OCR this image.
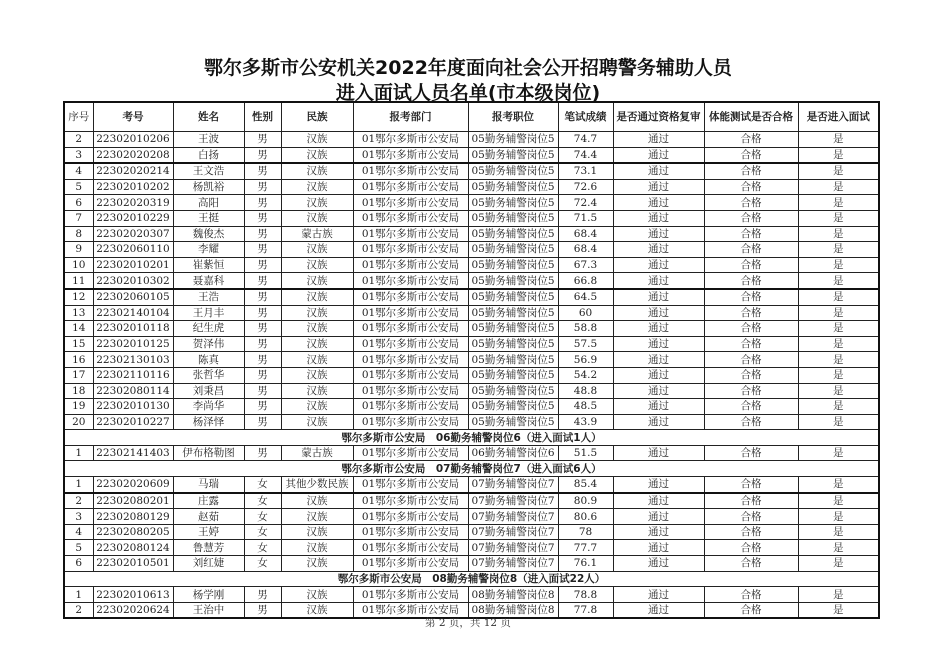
鄂尔多斯市公安机关2022年度面向社会公开招聘警务辅助人员
进入面试人员名单(市本级岗位)
序号	考号	姓名	性别	民族	报考部门	报考职位	笔试成绩	是否通过资格复审	体能测试是否合格	是否进入面试
2	22302010206	王波	男	汉族	01鄂尔多斯市公安局	05勤务辅警岗位5	74.7	通过	合格	是
3	22302020208	白扬	男	汉族	01鄂尔多斯市公安局	05勤务辅警岗位5	74.4	通过	合格	是
4	22302020214	王文浩	男	汉族	01鄂尔多斯市公安局	05勤务辅警岗位5	73.1	通过	合格	是
5	22302010202	杨凯裕	男	汉族	01鄂尔多斯市公安局	05勤务辅警岗位5	72.6	通过	合格	是
6	22302020319	高阳	男	汉族	01鄂尔多斯市公安局	05勤务辅警岗位5	72.4	通过	合格	是
7	22302010229	王挺	男	汉族	01鄂尔多斯市公安局	05勤务辅警岗位5	71.5	通过	合格	是
8	22302020307	魏俊杰	男	蒙古族	01鄂尔多斯市公安局	05勤务辅警岗位5	68.4	通过	合格	是
9	22302060110	李耀	男	汉族	01鄂尔多斯市公安局	05勤务辅警岗位5	68.4	通过	合格	是
10	22302010201	崔紫恒	男	汉族	01鄂尔多斯市公安局	05勤务辅警岗位5	67.3	通过	合格	是
11	22302010302	聂嘉科	男	汉族	01鄂尔多斯市公安局	05勤务辅警岗位5	66.8	通过	合格	是
12	22302060105	王浩	男	汉族	01鄂尔多斯市公安局	05勤务辅警岗位5	64.5	通过	合格	是
13	22302140104	王月丰	男	汉族	01鄂尔多斯市公安局	05勤务辅警岗位5	60	通过	合格	是
14	22302010118	纪生虎	男	汉族	01鄂尔多斯市公安局	05勤务辅警岗位5	58.8	通过	合格	是
15	22302010125	贺泽伟	男	汉族	01鄂尔多斯市公安局	05勤务辅警岗位5	57.5	通过	合格	是
16	22302130103	陈真	男	汉族	01鄂尔多斯市公安局	05勤务辅警岗位5	56.9	通过	合格	是
17	22302110116	张哲华	男	汉族	01鄂尔多斯市公安局	05勤务辅警岗位5	54.2	通过	合格	是
18	22302080114	刘秉昌	男	汉族	01鄂尔多斯市公安局	05勤务辅警岗位5	48.8	通过	合格	是
19	22302010130	李尚华	男	汉族	01鄂尔多斯市公安局	05勤务辅警岗位5	48.5	通过	合格	是
20	22302010227	杨泽怿	男	汉族	01鄂尔多斯市公安局	05勤务辅警岗位5	43.9	通过	合格	是
鄂尔多斯市公安局　06勤务辅警岗位6（进入面试1人）										
1	22302141403	伊布格勒图	男	蒙古族	01鄂尔多斯市公安局	06勤务辅警岗位6	51.5	通过	合格	是
鄂尔多斯市公安局　07勤务辅警岗位7（进入面试6人）										
1	22302020609	马瑞	女	其他少数民族	01鄂尔多斯市公安局	07勤务辅警岗位7	85.4	通过	合格	是
2	22302080201	庄露	女	汉族	01鄂尔多斯市公安局	07勤务辅警岗位7	80.9	通过	合格	是
3	22302080129	赵茹	女	汉族	01鄂尔多斯市公安局	07勤务辅警岗位7	80.6	通过	合格	是
4	22302080205	王婷	女	汉族	01鄂尔多斯市公安局	07勤务辅警岗位7	78	通过	合格	是
5	22302080124	鲁慧芳	女	汉族	01鄂尔多斯市公安局	07勤务辅警岗位7	77.7	通过	合格	是
6	22302010501	刘红婕	女	汉族	01鄂尔多斯市公安局	07勤务辅警岗位7	76.1	通过	合格	是
鄂尔多斯市公安局　08勤务辅警岗位8（进入面试22人）										
1	22302010613	杨学刚	男	汉族	01鄂尔多斯市公安局	08勤务辅警岗位8	78.8	通过	合格	是
2	22302020624	王治中	男	汉族	01鄂尔多斯市公安局	08勤务辅警岗位8	77.8	通过	合格	是
第 2 页，共 12 页
